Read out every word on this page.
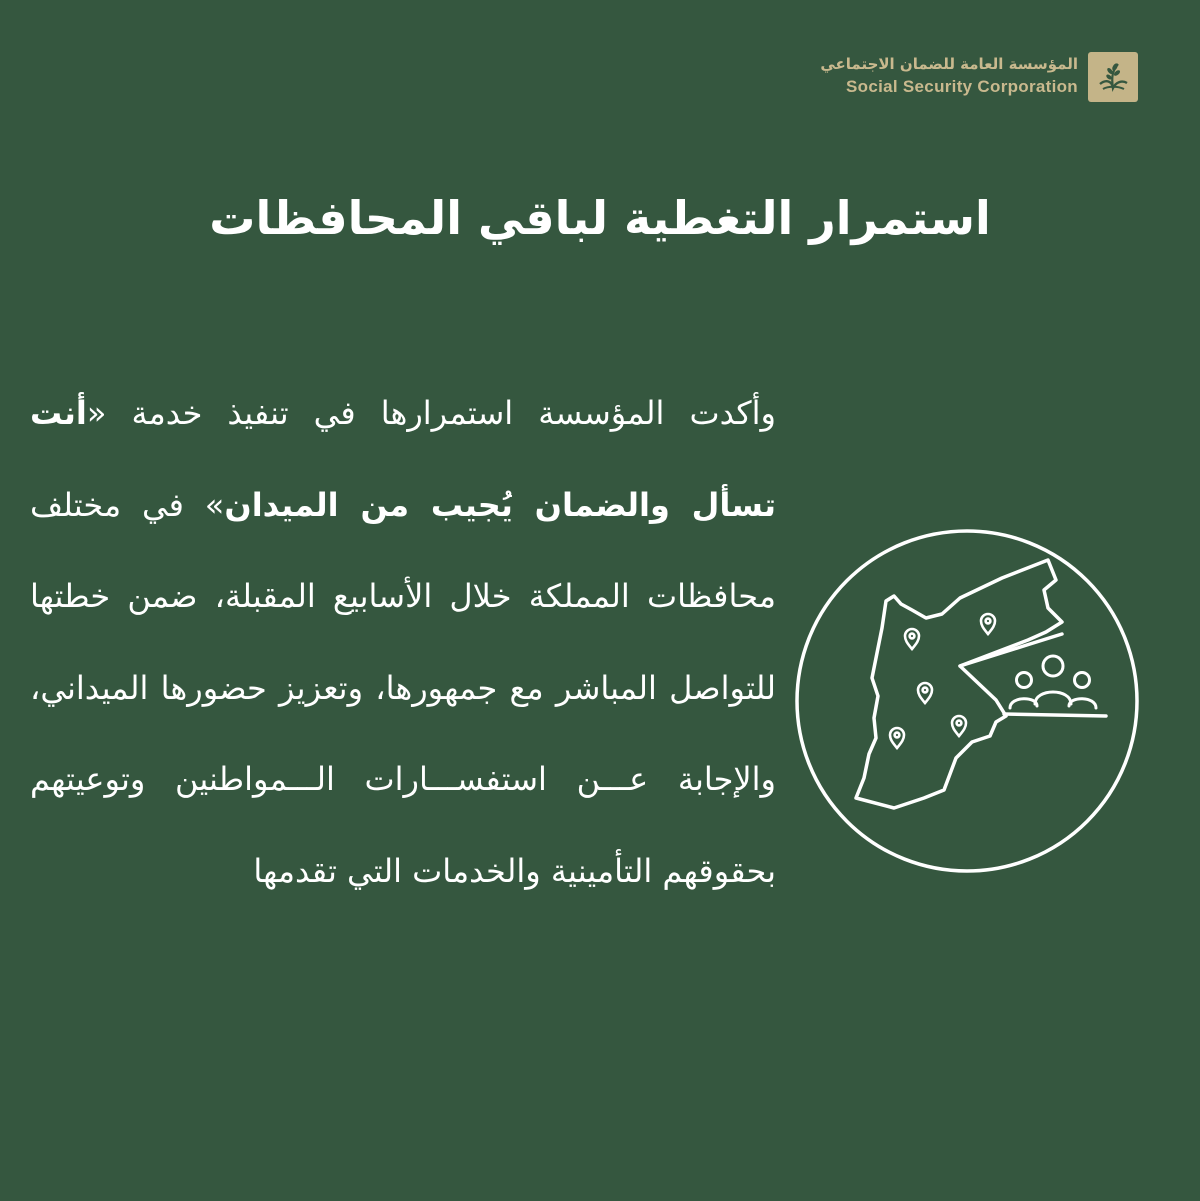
المؤسسة العامة للضمان الاجتماعي
Social Security Corporation
استمرار التغطية لباقي المحافظات

وأكدت المؤسسة استمرارها في تنفيذ خدمة «أنت تسأل والضمان يُجيب من الميدان» في مختلف محافظات المملكة خلال الأسابيع المقبلة، ضمن خطتها للتواصل المباشر مع جمهورها، وتعزيز حضورها الميداني، والإجابة عـــن استفســـارات الـــمواطنين وتوعيتهم بحقوقهم التأمينية والخدمات التي تقدمها
